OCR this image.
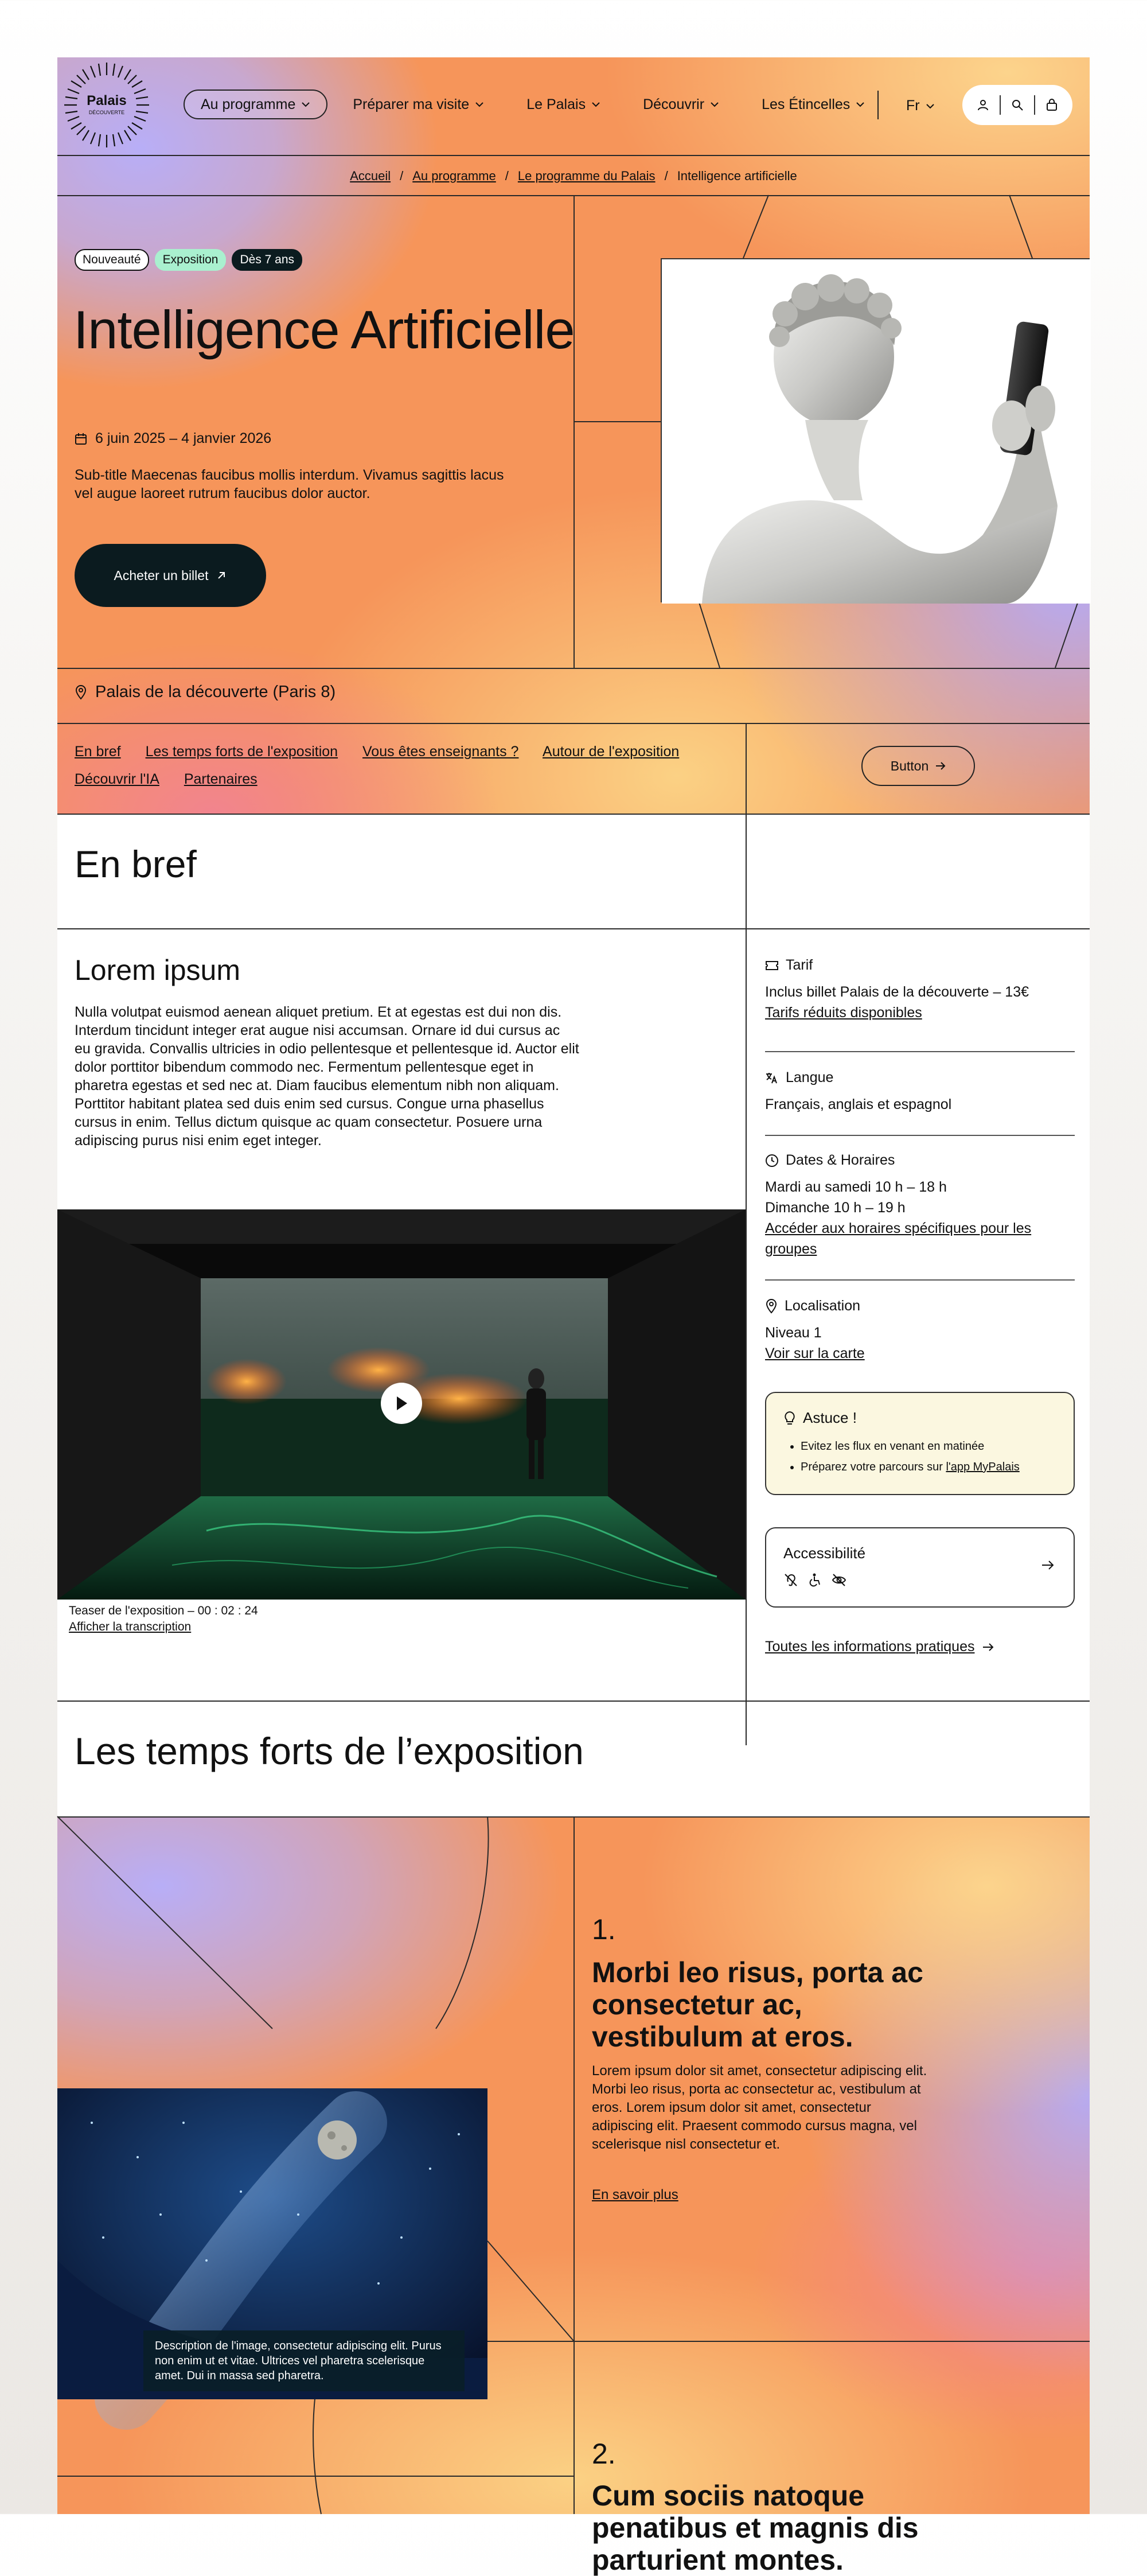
Palais
DÉCOUVERTE
Au programme	Préparer ma visite	Le Palais	Découvrir	Les Étincelles	Fr
Accueil / Au programme / Le programme du Palais / Intelligence artificielle
Nouveauté	Exposition	Dès 7 ans
Intelligence Artificielle
6 juin 2025 – 4 janvier 2026

Sub-title Maecenas faucibus mollis interdum. Vivamus sagittis lacus vel augue laoreet rutrum faucibus dolor auctor.

Acheter un billet
Palais de la découverte (Paris 8)
En bref Les temps forts de l'exposition Vous êtes enseignants ? Autour de l'exposition
Découvrir l'IA Partenaires
Button
En bref
Lorem ipsum

Nulla volutpat euismod aenean aliquet pretium. Et at egestas est dui non dis. Interdum tincidunt integer erat augue nisi accumsan. Ornare id dui cursus ac eu gravida. Convallis ultricies in odio pellentesque et pellentesque id. Auctor elit dolor porttitor bibendum commodo nec. Fermentum pellentesque eget in pharetra egestas et sed nec at. Diam faucibus elementum nibh non aliquam. Porttitor habitant platea sed duis enim sed cursus. Congue urna phasellus cursus in enim. Tellus dictum quisque ac quam consectetur. Posuere urna adipiscing purus nisi enim eget integer.

Teaser de l'exposition – 00 : 02 : 24
Afficher la transcription
Tarif
Inclus billet Palais de la découverte – 13€
Tarifs réduits disponibles
Langue
Français, anglais et espagnol
Dates & Horaires
Mardi au samedi 10 h – 18 h
Dimanche 10 h – 19 h
Accéder aux horaires spécifiques pour les groupes
Localisation
Niveau 1
Voir sur la carte
Astuce !
• Evitez les flux en venant en matinée
• Préparez votre parcours sur l'app MyPalais
Accessibilité
Toutes les informations pratiques
Les temps forts de l’exposition
Description de l'image, consectetur adipiscing elit. Purus non enim ut et vitae. Ultrices vel pharetra scelerisque amet. Dui in massa sed pharetra.
1.
Morbi leo risus, porta ac consectetur ac, vestibulum at eros.

Lorem ipsum dolor sit amet, consectetur adipiscing elit. Morbi leo risus, porta ac consectetur ac, vestibulum at eros. Lorem ipsum dolor sit amet, consectetur adipiscing elit. Praesent commodo cursus magna, vel scelerisque nisl consectetur et.

En savoir plus
2.
Cum sociis natoque penatibus et magnis dis parturient montes.
